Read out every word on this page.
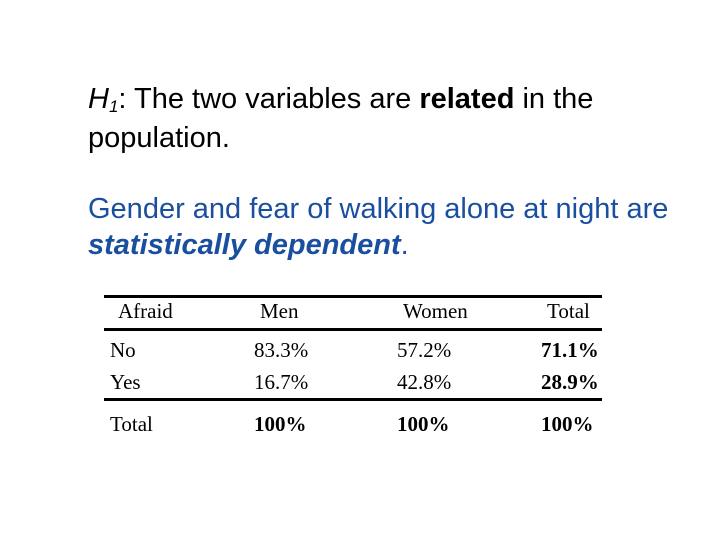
$H_1$: The two variables are related in the population.
Gender and fear of walking alone at night are statistically dependent.
Afraid	Men	Women	Total
No	83.3%	57.2%	71.1%
Yes	16.7%	42.8%	28.9%
Total	100%	100%	100%
